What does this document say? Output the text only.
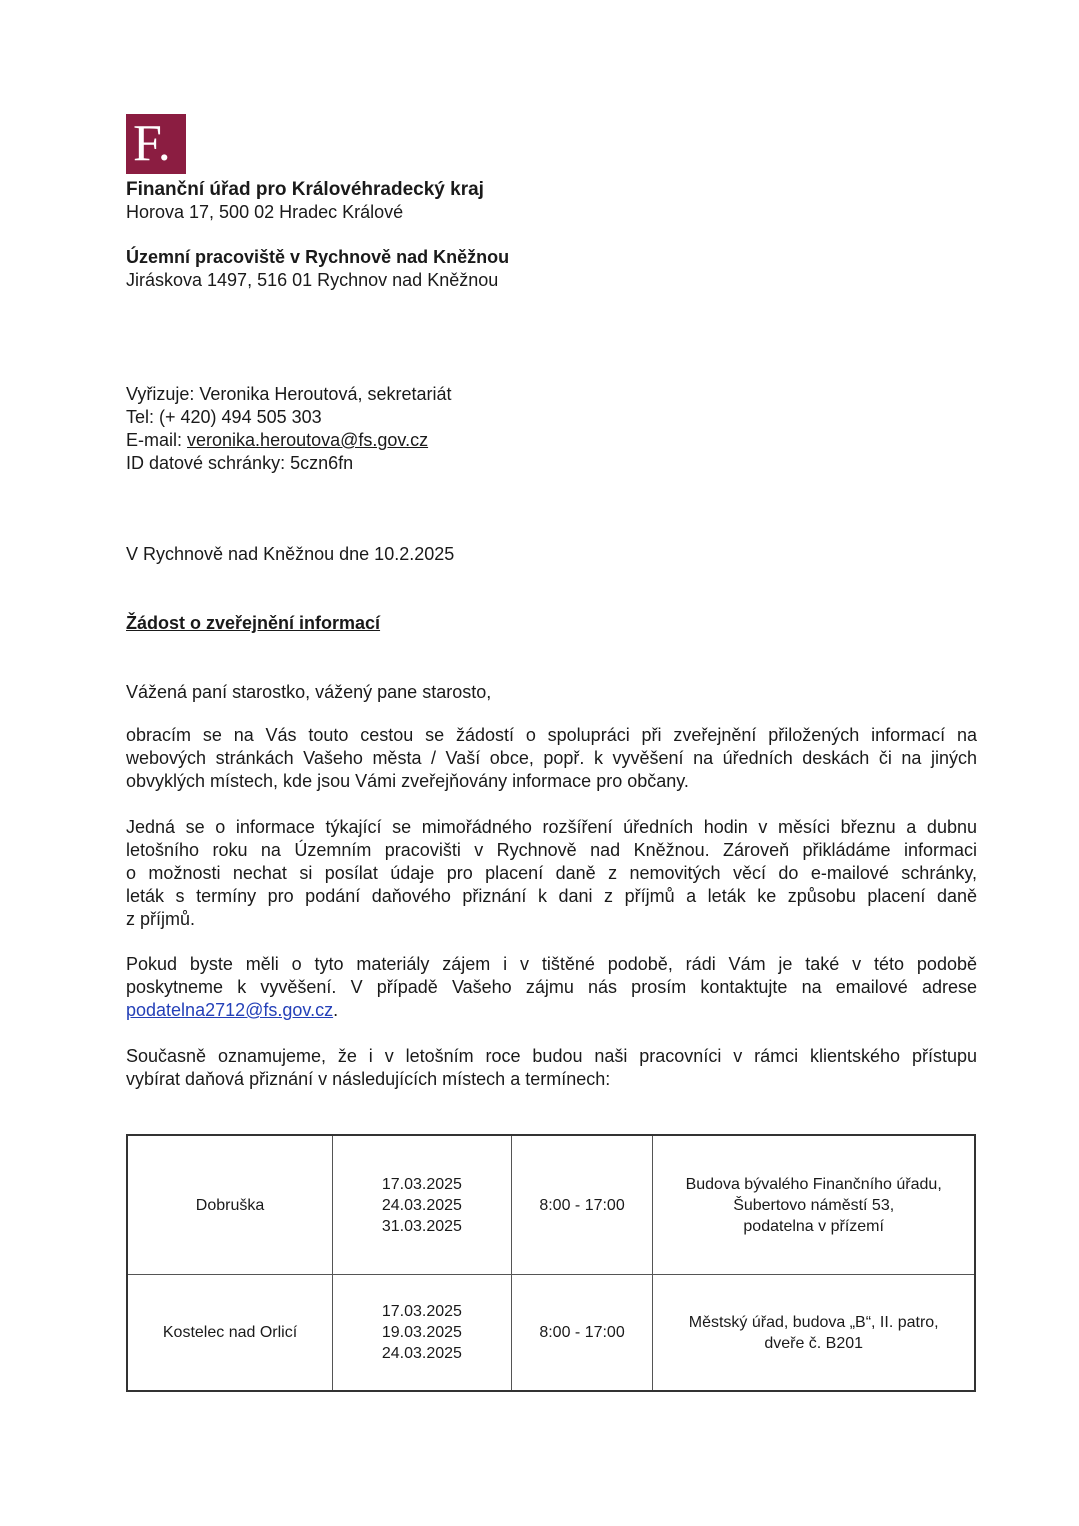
F.
Finanční úřad pro Královéhradecký kraj
Horova 17, 500 02 Hradec Králové
Územní pracoviště v Rychnově nad Kněžnou
Jiráskova 1497, 516 01 Rychnov nad Kněžnou
Vyřizuje: Veronika Heroutová, sekretariát
Tel: (+ 420) 494 505 303
E-mail: veronika.heroutova@fs.gov.cz
ID datové schránky: 5czn6fn
V Rychnově nad Kněžnou dne 10.2.2025
Žádost o zveřejnění informací
Vážená paní starostko, vážený pane starosto,
obracím se na Vás touto cestou se žádostí o spolupráci při zveřejnění přiložených informací na
webových stránkách Vašeho města / Vaší obce, popř. k vyvěšení na úředních deskách či na jiných
obvyklých místech, kde jsou Vámi zveřejňovány informace pro občany.
Jedná se o informace týkající se mimořádného rozšíření úředních hodin v měsíci březnu a dubnu
letošního roku na Územním pracovišti v Rychnově nad Kněžnou. Zároveň přikládáme informaci
o možnosti nechat si posílat údaje pro placení daně z nemovitých věcí do e-mailové schránky,
leták s termíny pro podání daňového přiznání k dani z příjmů a leták ke způsobu placení daně
z příjmů.
Pokud byste měli o tyto materiály zájem i v tištěné podobě, rádi Vám je také v této podobě
poskytneme k vyvěšení. V případě Vašeho zájmu nás prosím kontaktujte na emailové adrese
podatelna2712@fs.gov.cz.
Současně oznamujeme, že i v letošním roce budou naši pracovníci v rámci klientského přístupu
vybírat daňová přiznání v následujících místech a termínech:
Dobruška	17.03.2025
24.03.2025
31.03.2025	8:00 - 17:00	Budova bývalého Finančního úřadu,
Šubertovo náměstí 53,
podatelna v přízemí

Kostelec nad Orlicí	17.03.2025
19.03.2025
24.03.2025	8:00 - 17:00	Městský úřad, budova „B“, II. patro,
dveře č. B201
